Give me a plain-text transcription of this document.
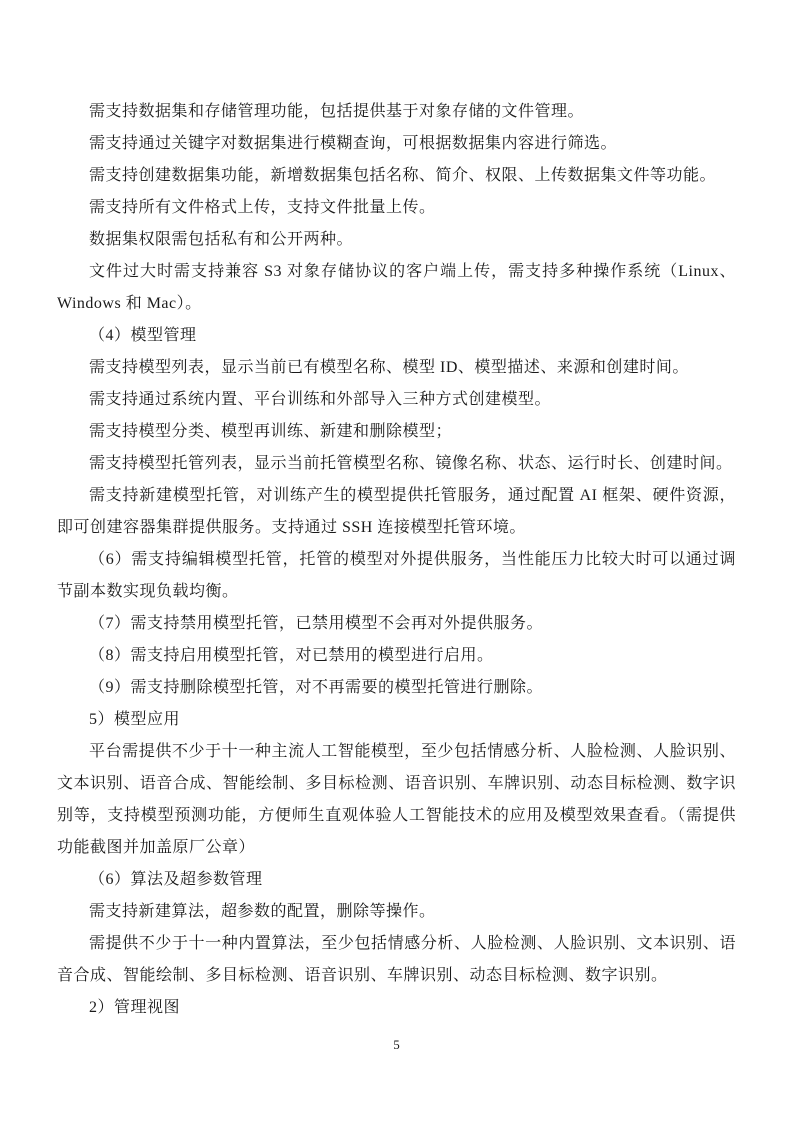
需支持数据集和存储管理功能，包括提供基于对象存储的文件管理。

需支持通过关键字对数据集进行模糊查询，可根据数据集内容进行筛选。

需支持创建数据集功能，新增数据集包括名称、简介、权限、上传数据集文件等功能。

需支持所有文件格式上传，支持文件批量上传。

数据集权限需包括私有和公开两种。

文件过大时需支持兼容 S3 对象存储协议的客户端上传，需支持多种操作系统（Linux、Windows 和 Mac）。

（4）模型管理

需支持模型列表，显示当前已有模型名称、模型 ID、模型描述、来源和创建时间。

需支持通过系统内置、平台训练和外部导入三种方式创建模型。

需支持模型分类、模型再训练、新建和删除模型；

需支持模型托管列表，显示当前托管模型名称、镜像名称、状态、运行时长、创建时间。

需支持新建模型托管，对训练产生的模型提供托管服务，通过配置 AI 框架、硬件资源，即可创建容器集群提供服务。支持通过 SSH 连接模型托管环境。

（6）需支持编辑模型托管，托管的模型对外提供服务，当性能压力比较大时可以通过调节副本数实现负载均衡。

（7）需支持禁用模型托管，已禁用模型不会再对外提供服务。

（8）需支持启用模型托管，对已禁用的模型进行启用。

（9）需支持删除模型托管，对不再需要的模型托管进行删除。

5）模型应用

平台需提供不少于十一种主流人工智能模型，至少包括情感分析、人脸检测、人脸识别、文本识别、语音合成、智能绘制、多目标检测、语音识别、车牌识别、动态目标检测、数字识别等，支持模型预测功能，方便师生直观体验人工智能技术的应用及模型效果查看。（需提供功能截图并加盖原厂公章）

（6）算法及超参数管理

需支持新建算法，超参数的配置，删除等操作。

需提供不少于十一种内置算法，至少包括情感分析、人脸检测、人脸识别、文本识别、语音合成、智能绘制、多目标检测、语音识别、车牌识别、动态目标检测、数字识别。

2）管理视图

5
